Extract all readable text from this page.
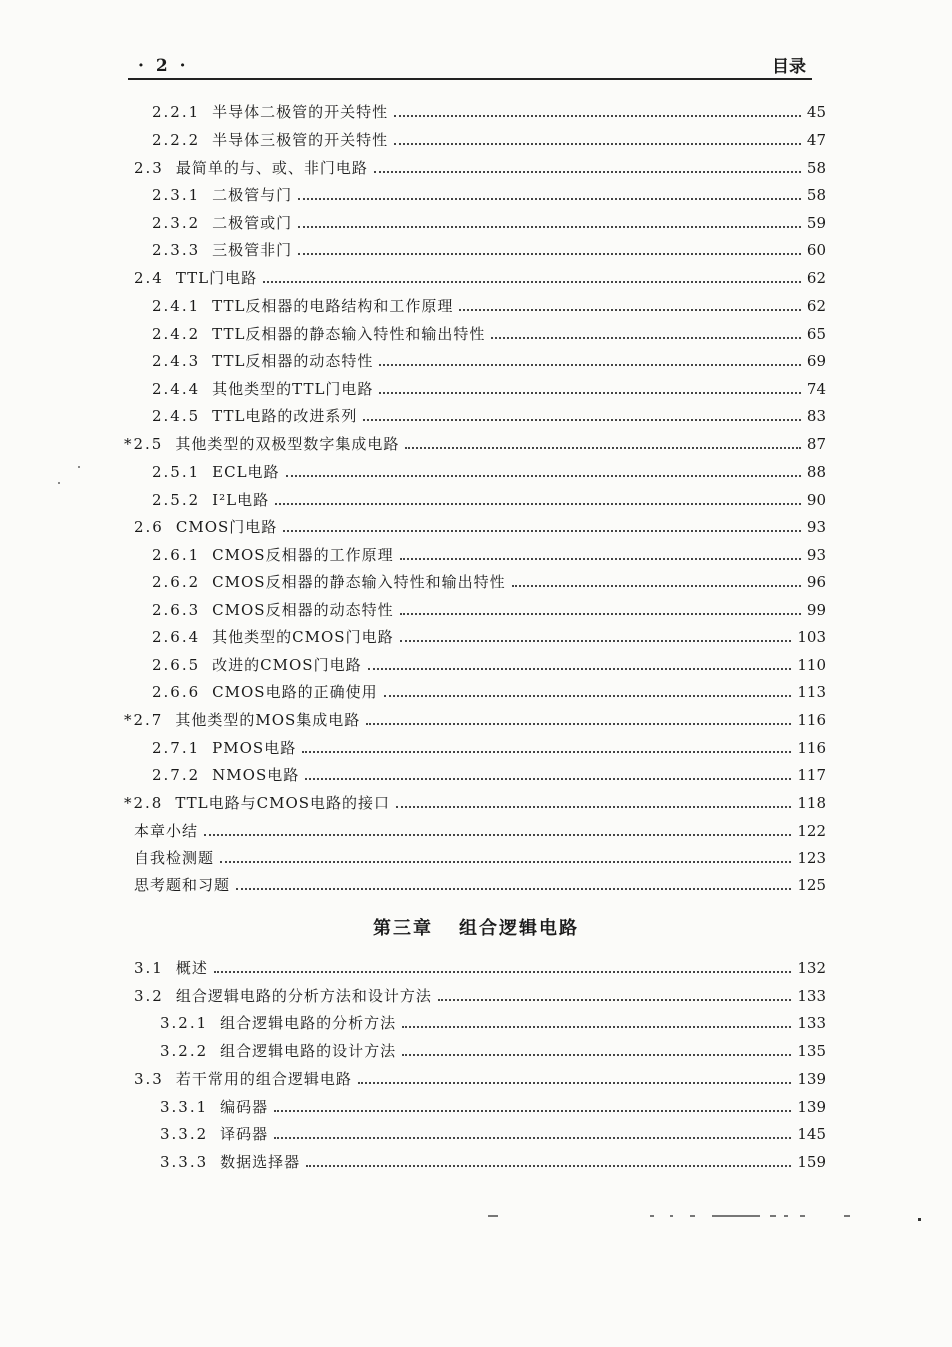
· 2 ·	目录
2.2.1 半导体二极管的开关特性	45
2.2.2 半导体三极管的开关特性	47
2.3 最简单的与、或、非门电路	58
2.3.1 二极管与门	58
2.3.2 二极管或门	59
2.3.3 三极管非门	60
2.4 TTL门电路	62
2.4.1 TTL反相器的电路结构和工作原理	62
2.4.2 TTL反相器的静态输入特性和输出特性	65
2.4.3 TTL反相器的动态特性	69
2.4.4 其他类型的TTL门电路	74
2.4.5 TTL电路的改进系列	83
*2.5 其他类型的双极型数字集成电路	87
2.5.1 ECL电路	88
2.5.2 I²L电路	90
2.6 CMOS门电路	93
2.6.1 CMOS反相器的工作原理	93
2.6.2 CMOS反相器的静态输入特性和输出特性	96
2.6.3 CMOS反相器的动态特性	99
2.6.4 其他类型的CMOS门电路	103
2.6.5 改进的CMOS门电路	110
2.6.6 CMOS电路的正确使用	113
*2.7 其他类型的MOS集成电路	116
2.7.1 PMOS电路	116
2.7.2 NMOS电路	117
*2.8 TTL电路与CMOS电路的接口	118
本章小结	122
自我检测题	123
思考题和习题	125
3.1 概述	132
3.2 组合逻辑电路的分析方法和设计方法	133
3.2.1 组合逻辑电路的分析方法	133
3.2.2 组合逻辑电路的设计方法	135
3.3 若干常用的组合逻辑电路	139
3.3.1 编码器	139
3.3.2 译码器	145
3.3.3 数据选择器	159
第三章 组合逻辑电路
